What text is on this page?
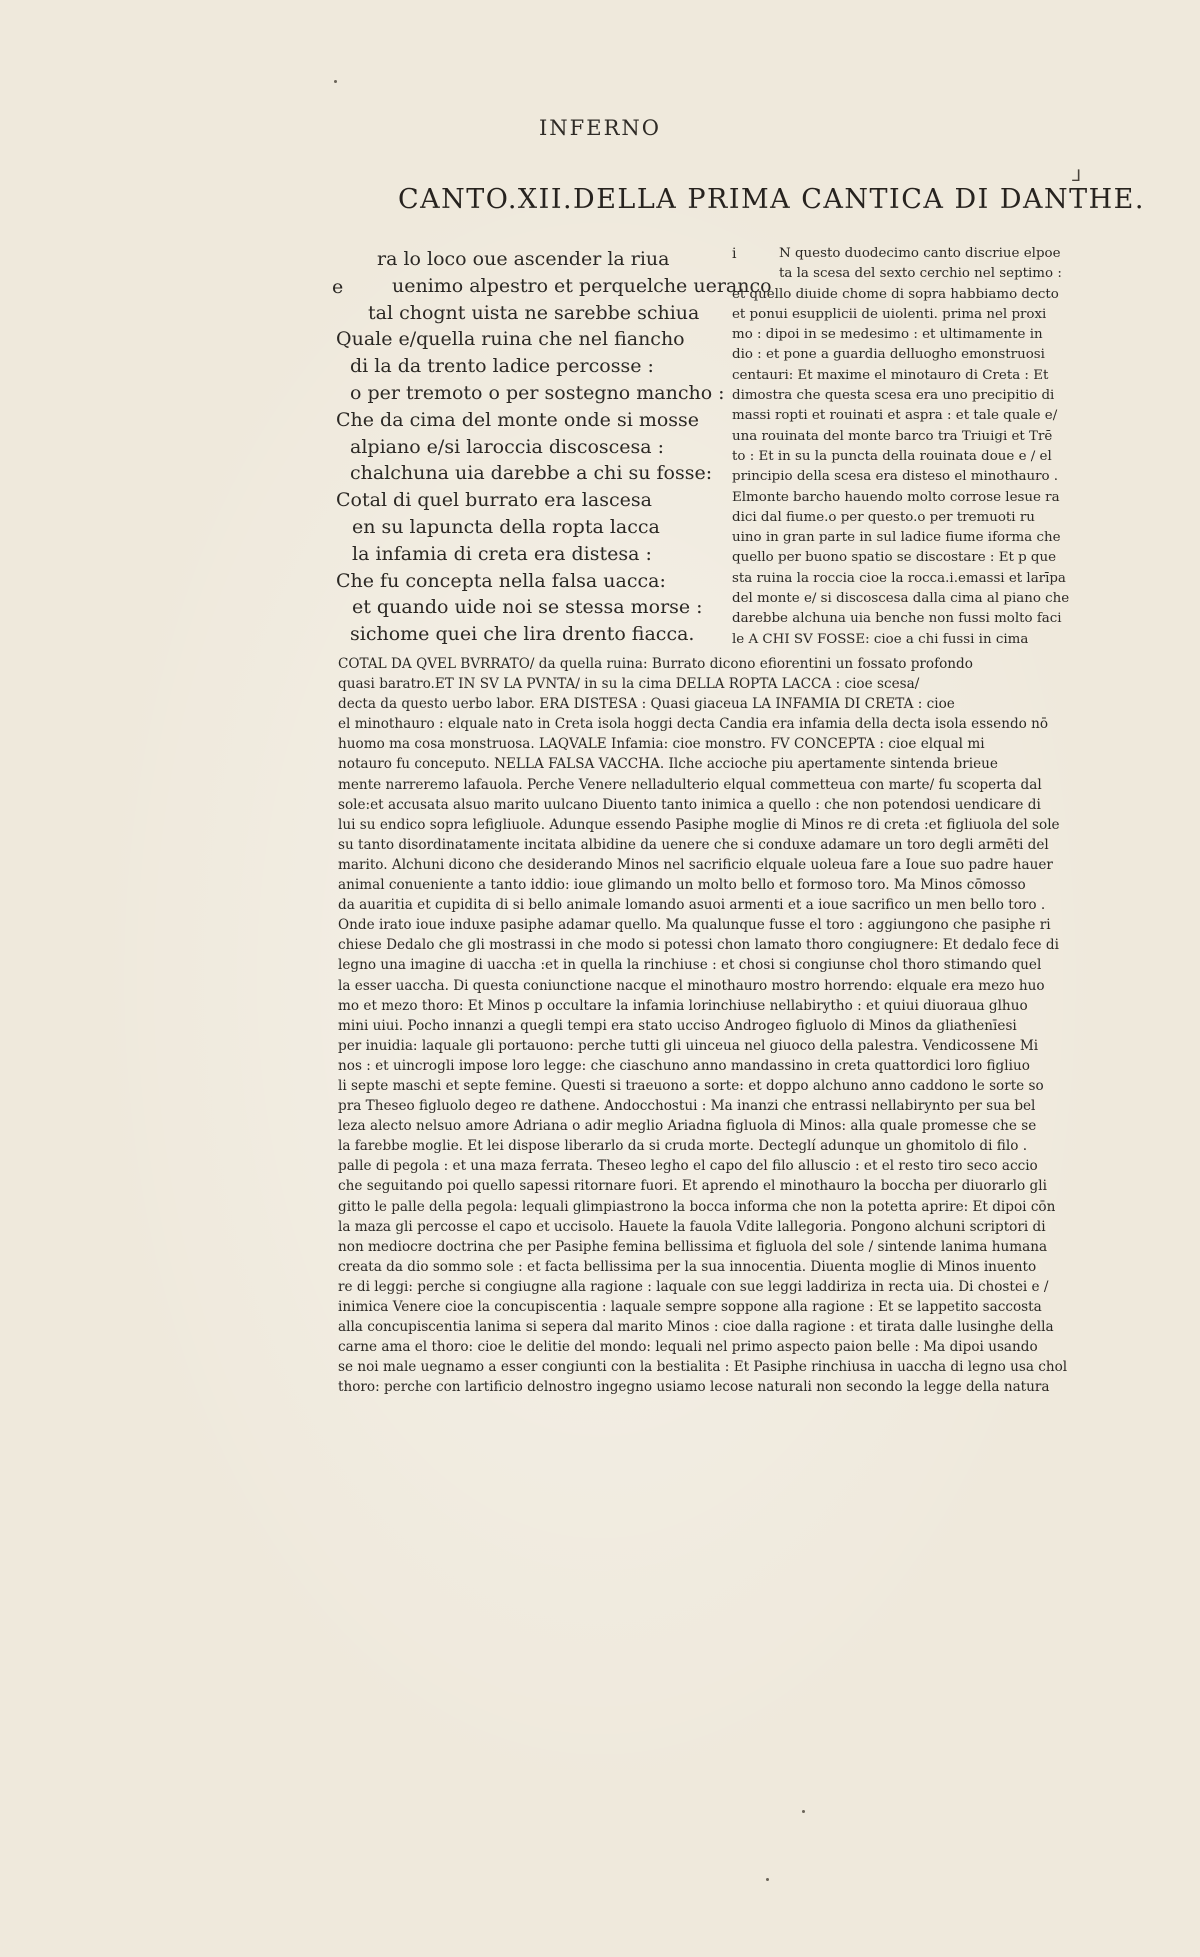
INFERNO
⅃
CANTO.XII.DELLA PRIMA CANTICA DI DANTHE.
e
ra lo loco oue ascender la riua
uenimo alpestro et perquelche ueranco
tal chognt uista ne sarebbe schiua
Quale e/quella ruina che nel fiancho
di la da trento ladice percosse :
o per tremoto o per sostegno mancho :
Che da cima del monte onde si mosse
alpiano e/si laroccia discoscesa :
chalchuna uia darebbe a chi su fosse:
Cotal di quel burrato era lascesa
en su lapuncta della ropta lacca
la infamia di creta era distesa :
Che fu concepta nella falsa uacca:
et quando uide noi se stessa morse :
sichome quei che lira drento fiacca.
i	N questo duodecimo canto discriue elpoe
ta la scesa del sexto cerchio nel septimo :
et quello diuide chome di sopra habbiamo decto
et ponui esupplicii de uiolenti. prima nel proxi
mo : dipoi in se medesimo : et ultimamente in
dio : et pone a guardia delluogho emonstruosi
centauri: Et maxime el minotauro di Creta : Et
dimostra che questa scesa era uno precipitio di
massi ropti et rouinati et aspra : et tale quale e/
una rouinata del monte barco tra Triuigi et Trē
to : Et in su la puncta della rouinata doue e / el
principio della scesa era disteso el minothauro .
Elmonte barcho hauendo molto corrose lesue ra
dici dal fiume.o per questo.o per tremuoti ru
uino in gran parte in sul ladice fiume iforma che
quello per buono spatio se discostare : Et p que
sta ruina la roccia cioe la rocca.i.emassi et larīpa
del monte e/ si discoscesa dalla cima al piano che
darebbe alchuna uia benche non fussi molto faci
le A CHI SV FOSSE: cioe a chi fussi in cima
COTAL DA QVEL BVRRATO/ da quella ruina: Burrato dicono efiorentini un fossato profondo
quasi baratro.ET IN SV LA PVNTA/ in su la cima DELLA ROPTA LACCA : cioe scesa/
decta da questo uerbo labor. ERA DISTESA : Quasi giaceua LA INFAMIA DI CRETA : cioe
el minothauro : elquale nato in Creta isola hoggi decta Candia era infamia della decta isola essendo nō
huomo ma cosa monstruosa. LAQVALE Infamia: cioe monstro. FV CONCEPTA : cioe elqual mi
notauro fu conceputo. NELLA FALSA VACCHA. Ilche accioche piu apertamente sintenda brieue
mente narreremo lafauola. Perche Venere nelladulterio elqual commetteua con marte/ fu scoperta dal
sole:et accusata alsuo marito uulcano Diuento tanto inimica a quello : che non potendosi uendicare di
lui su endico sopra lefigliuole. Adunque essendo Pasiphe moglie di Minos re di creta :et figliuola del sole
su tanto disordinatamente incitata albidine da uenere che si conduxe adamare un toro degli armēti del
marito. Alchuni dicono che desiderando Minos nel sacrificio elquale uoleua fare a Ioue suo padre hauer
animal conueniente a tanto iddio: ioue glimando un molto bello et formoso toro. Ma Minos cōmosso
da auaritia et cupidita di si bello animale lomando asuoi armenti et a ioue sacrifico un men bello toro .
Onde irato ioue induxe pasiphe adamar quello. Ma qualunque fusse el toro : aggiungono che pasiphe ri
chiese Dedalo che gli mostrassi in che modo si potessi chon lamato thoro congiugnere: Et dedalo fece di
legno una imagine di uaccha :et in quella la rinchiuse : et chosi si congiunse chol thoro stimando quel
la esser uaccha. Di questa coniunctione nacque el minothauro mostro horrendo: elquale era mezo huo
mo et mezo thoro: Et Minos p occultare la infamia lorinchiuse nellabirytho : et quiui diuoraua glhuo
mini uiui. Pocho innanzi a quegli tempi era stato ucciso Androgeo figluolo di Minos da gliathenīesi
per inuidia: laquale gli portauono: perche tutti gli uinceua nel giuoco della palestra. Vendicossene Mi
nos : et uincrogli impose loro legge: che ciaschuno anno mandassino in creta quattordici loro figliuo
li septe maschi et septe femine. Questi si traeuono a sorte: et doppo alchuno anno caddono le sorte so
pra Theseo figluolo degeo re dathene. Andocchostui : Ma inanzi che entrassi nellabirynto per sua bel
leza alecto nelsuo amore Adriana o adir meglio Ariadna figluola di Minos: alla quale promesse che se
la farebbe moglie. Et lei dispose liberarlo da si cruda morte. Decteglí adunque un ghomitolo di filo .
palle di pegola : et una maza ferrata. Theseo legho el capo del filo alluscio : et el resto tiro seco accio
che seguitando poi quello sapessi ritornare fuori. Et aprendo el minothauro la boccha per diuorarlo gli
gitto le palle della pegola: lequali glimpiastrono la bocca informa che non la potetta aprire: Et dipoi cōn
la maza gli percosse el capo et uccisolo. Hauete la fauola Vdite lallegoria. Pongono alchuni scriptori di
non mediocre doctrina che per Pasiphe femina bellissima et figluola del sole / sintende lanima humana
creata da dio sommo sole : et facta bellissima per la sua innocentia. Diuenta moglie di Minos inuento
re di leggi: perche si congiugne alla ragione : laquale con sue leggi laddiriza in recta uia. Di chostei e /
inimica Venere cioe la concupiscentia : laquale sempre soppone alla ragione : Et se lappetito saccosta
alla concupiscentia lanima si sepera dal marito Minos : cioe dalla ragione : et tirata dalle lusinghe della
carne ama el thoro: cioe le delitie del mondo: lequali nel primo aspecto paion belle : Ma dipoi usando
se noi male uegnamo a esser congiunti con la bestialita : Et Pasiphe rinchiusa in uaccha di legno usa chol
thoro: perche con lartificio delnostro ingegno usiamo lecose naturali non secondo la legge della natura
